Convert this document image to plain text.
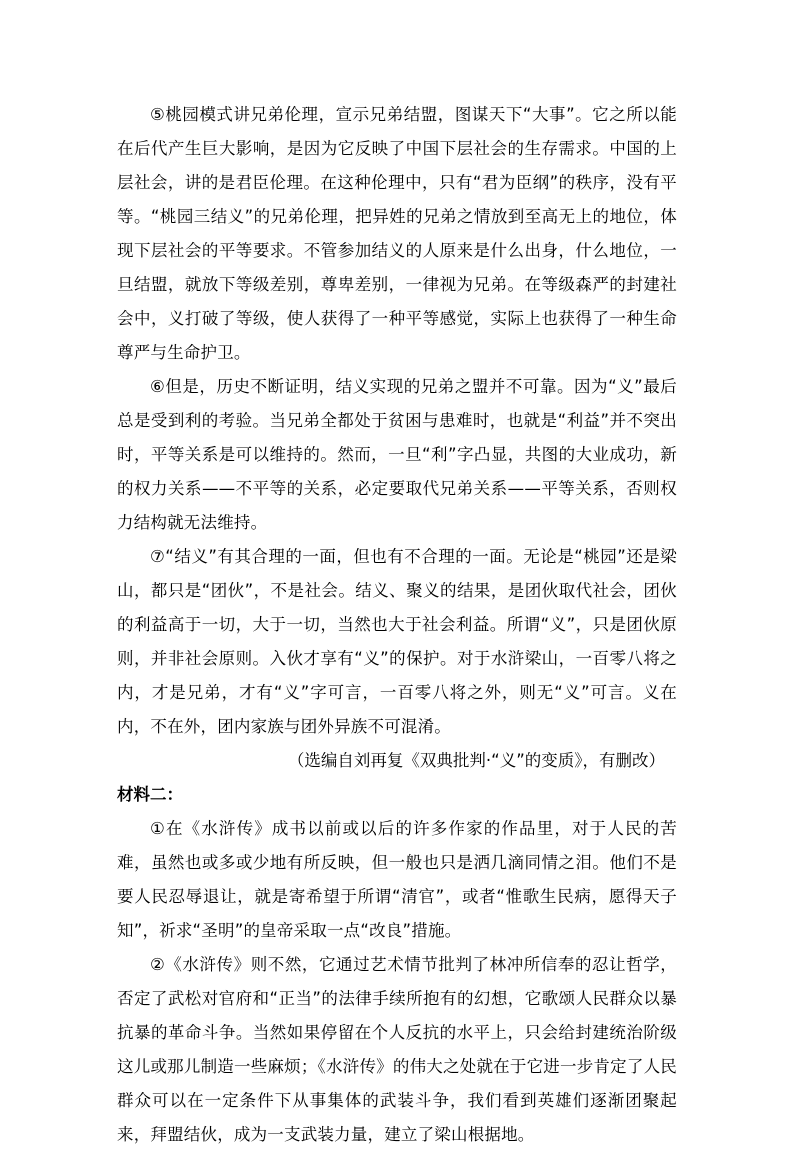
⑤桃园模式讲兄弟伦理，宣示兄弟结盟，图谋天下“大事”。它之所以能在后代产生巨大影响，是因为它反映了中国下层社会的生存需求。中国的上层社会，讲的是君臣伦理。在这种伦理中，只有“君为臣纲”的秩序，没有平等。“桃园三结义”的兄弟伦理，把异姓的兄弟之情放到至高无上的地位，体现下层社会的平等要求。不管参加结义的人原来是什么出身，什么地位，一旦结盟，就放下等级差别，尊卑差别，一律视为兄弟。在等级森严的封建社会中，义打破了等级，使人获得了一种平等感觉，实际上也获得了一种生命尊严与生命护卫。

⑥但是，历史不断证明，结义实现的兄弟之盟并不可靠。因为“义”最后总是受到利的考验。当兄弟全都处于贫困与患难时，也就是“利益”并不突出时，平等关系是可以维持的。然而，一旦“利”字凸显，共图的大业成功，新的权力关系——不平等的关系，必定要取代兄弟关系——平等关系，否则权力结构就无法维持。

⑦“结义”有其合理的一面，但也有不合理的一面。无论是“桃园”还是梁山，都只是“团伙”，不是社会。结义、聚义的结果，是团伙取代社会，团伙的利益高于一切，大于一切，当然也大于社会利益。所谓“义”，只是团伙原则，并非社会原则。入伙才享有“义”的保护。对于水浒梁山，一百零八将之内，才是兄弟，才有“义”字可言，一百零八将之外，则无“义”可言。义在内，不在外，团内家族与团外异族不可混淆。

（选编自刘再复《双典批判·“义”的变质》，有删改）

材料二：

①在《水浒传》成书以前或以后的许多作家的作品里，对于人民的苦难，虽然也或多或少地有所反映，但一般也只是洒几滴同情之泪。他们不是要人民忍辱退让，就是寄希望于所谓“清官”，或者“惟歌生民病，愿得天子知”，祈求“圣明”的皇帝采取一点“改良”措施。

②《水浒传》则不然，它通过艺术情节批判了林冲所信奉的忍让哲学，否定了武松对官府和“正当”的法律手续所抱有的幻想，它歌颂人民群众以暴抗暴的革命斗争。当然如果停留在个人反抗的水平上，只会给封建统治阶级这儿或那儿制造一些麻烦；《水浒传》的伟大之处就在于它进一步肯定了人民群众可以在一定条件下从事集体的武装斗争，我们看到英雄们逐渐团聚起来，拜盟结伙，成为一支武装力量，建立了梁山根据地。
